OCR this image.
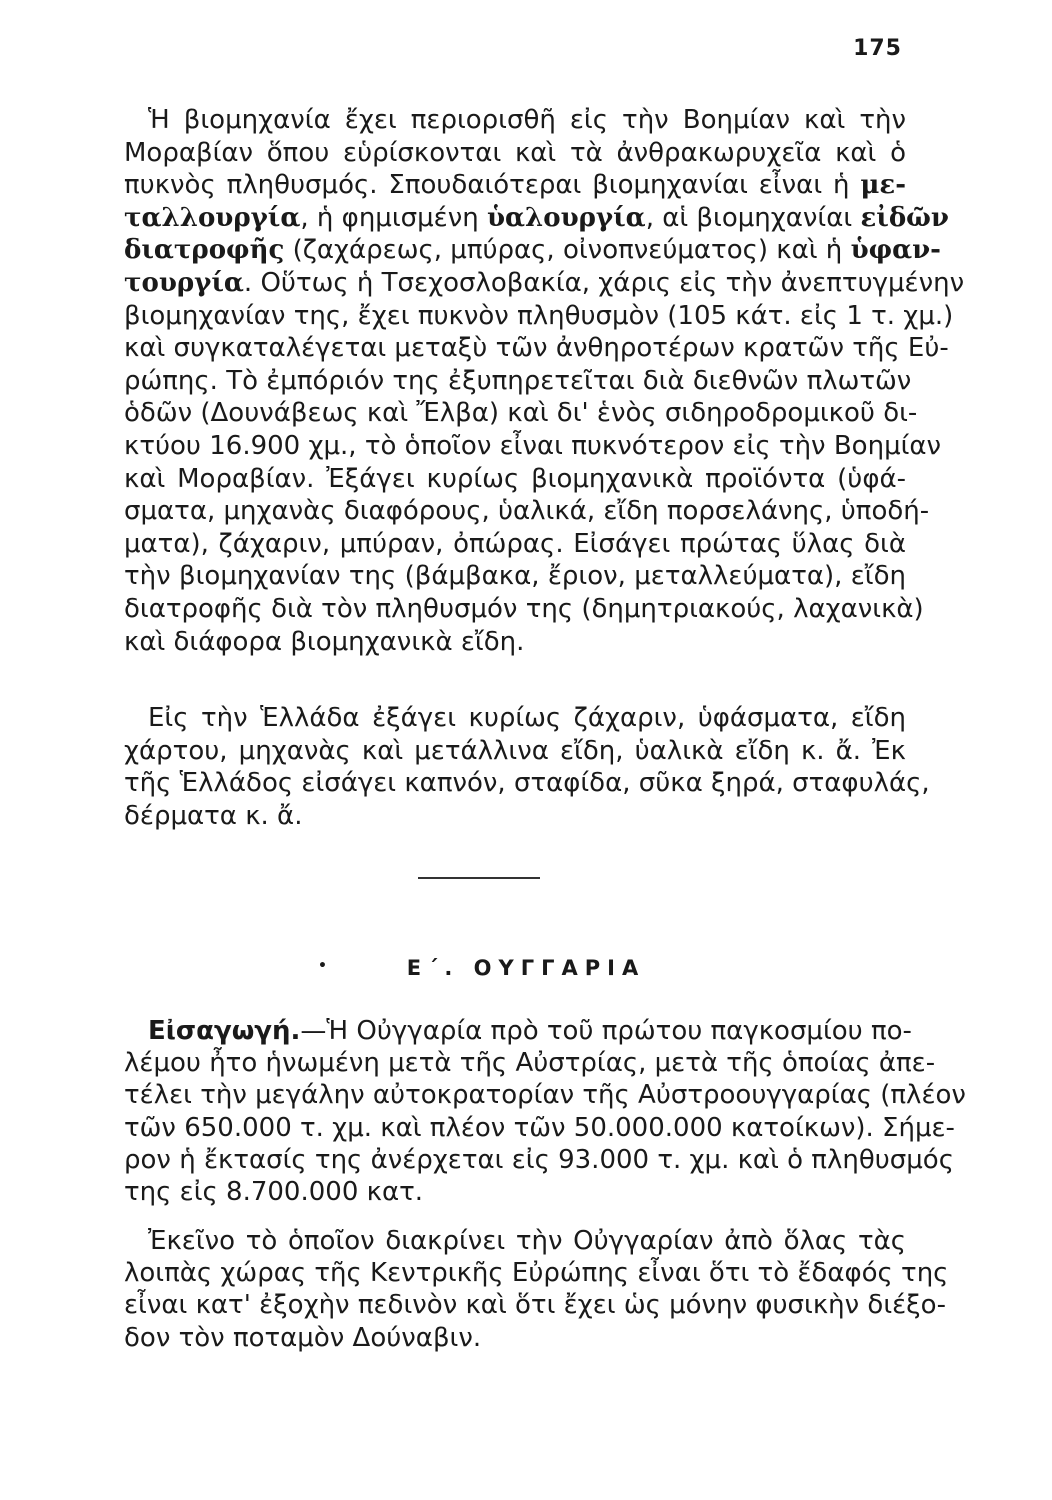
175
Ἡ βιομηχανία ἔχει περιορισθῆ εἰς τὴν Βοημίαν καὶ τὴν
Μοραβίαν ὅπου εὑρίσκονται καὶ τὰ ἀνθρακωρυχεῖα καὶ ὁ
πυκνὸς πληθυσμός. Σπουδαιότεραι βιομηχανίαι εἶναι ἡ με-
ταλλουργία, ἡ φημισμένη ὑαλουργία, αἱ βιομηχανίαι εἰδῶν
διατροφῆς (ζαχάρεως, μπύρας, οἰνοπνεύματος) καὶ ἡ ὑφαν-
τουργία. Οὕτως ἡ Τσεχοσλοβακία, χάρις εἰς τὴν ἀνεπτυγμένην
βιομηχανίαν της, ἔχει πυκνὸν πληθυσμὸν (105 κάτ. εἰς 1 τ. χμ.)
καὶ συγκαταλέγεται μεταξὺ τῶν ἀνθηροτέρων κρατῶν τῆς Εὐ-
ρώπης. Τὸ ἐμπόριόν της ἐξυπηρετεῖται διὰ διεθνῶν πλωτῶν
ὁδῶν (Δουνάβεως καὶ Ἔλβα) καὶ δι' ἑνὸς σιδηροδρομικοῦ δι-
κτύου 16.900 χμ., τὸ ὁποῖον εἶναι πυκνότερον εἰς τὴν Βοημίαν
καὶ Μοραβίαν. Ἐξάγει κυρίως βιομηχανικὰ προϊόντα (ὑφά-
σματα, μηχανὰς διαφόρους, ὑαλικά, εἴδη πορσελάνης, ὑποδή-
ματα), ζάχαριν, μπύραν, ὀπώρας. Εἰσάγει πρώτας ὕλας διὰ
τὴν βιομηχανίαν της (βάμβακα, ἔριον, μεταλλεύματα), εἴδη
διατροφῆς διὰ τὸν πληθυσμόν της (δημητριακούς, λαχανικὰ)
καὶ διάφορα βιομηχανικὰ εἴδη.
Εἰς τὴν Ἑλλάδα ἐξάγει κυρίως ζάχαριν, ὑφάσματα, εἴδη
χάρτου, μηχανὰς καὶ μετάλλινα εἴδη, ὑαλικὰ εἴδη κ. ἄ. Ἐκ
τῆς Ἑλλάδος εἰσάγει καπνόν, σταφίδα, σῦκα ξηρά, σταφυλάς,
δέρματα κ. ἄ.
•	Ε΄. ΟΥΓΓΑΡΙΑ
Εἰσαγωγή.—Ἡ Οὐγγαρία πρὸ τοῦ πρώτου παγκοσμίου πο-
λέμου ἦτο ἡνωμένη μετὰ τῆς Αὐστρίας, μετὰ τῆς ὁποίας ἀπε-
τέλει τὴν μεγάλην αὐτοκρατορίαν τῆς Αὐστροουγγαρίας (πλέον
τῶν 650.000 τ. χμ. καὶ πλέον τῶν 50.000.000 κατοίκων). Σήμε-
ρον ἡ ἔκτασίς της ἀνέρχεται εἰς 93.000 τ. χμ. καὶ ὁ πληθυσμός
της εἰς 8.700.000 κατ.
Ἐκεῖνο τὸ ὁποῖον διακρίνει τὴν Οὐγγαρίαν ἀπὸ ὅλας τὰς
λοιπὰς χώρας τῆς Κεντρικῆς Εὐρώπης εἶναι ὅτι τὸ ἔδαφός της
εἶναι κατ' ἐξοχὴν πεδινὸν καὶ ὅτι ἔχει ὡς μόνην φυσικὴν διέξο-
δον τὸν ποταμὸν Δούναβιν.
